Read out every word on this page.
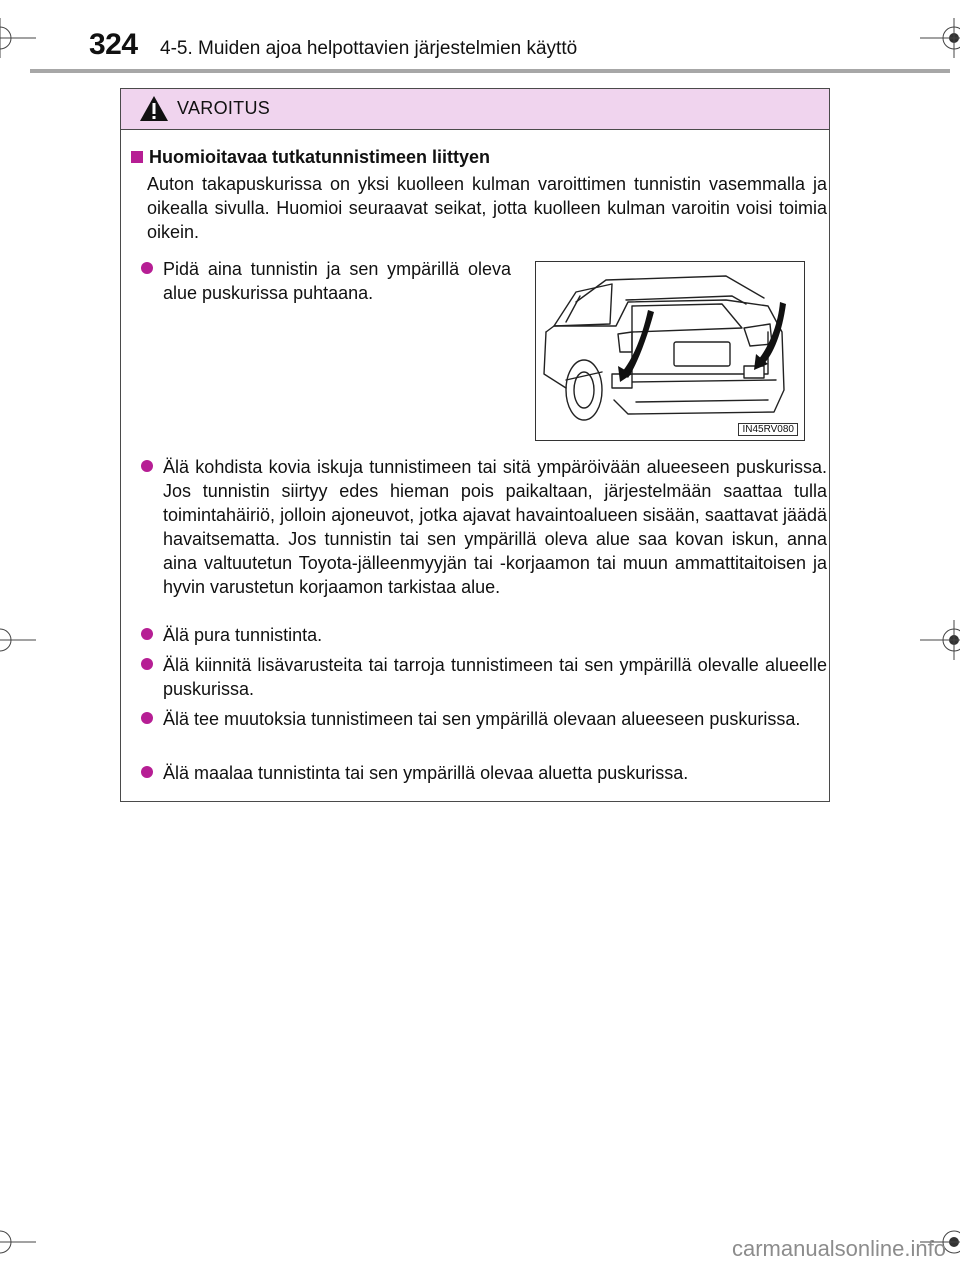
324 4-5. Muiden ajoa helpottavien järjestelmien käyttö
VAROITUS
Huomioitavaa tutkatunnistimeen liittyen
Auton takapuskurissa on yksi kuolleen kulman varoittimen tunnistin vasemmalla ja oikealla sivulla. Huomioi seuraavat seikat, jotta kuolleen kulman varoitin voisi toimia oikein.
Pidä aina tunnistin ja sen ympärillä oleva alue puskurissa puhtaana.
IN45RV080
Älä kohdista kovia iskuja tunnistimeen tai sitä ympäröivään alueeseen puskurissa. Jos tunnistin siirtyy edes hieman pois paikaltaan, järjestelmään saattaa tulla toimintahäiriö, jolloin ajoneuvot, jotka ajavat havaintoalueen sisään, saattavat jäädä havaitsematta. Jos tunnistin tai sen ympärillä oleva alue saa kovan iskun, anna aina valtuutetun Toyota-jälleenmyyjän tai -korjaamon tai muun ammattitaitoisen ja hyvin varustetun korjaamon tarkistaa alue.
Älä pura tunnistinta.
Älä kiinnitä lisävarusteita tai tarroja tunnistimeen tai sen ympärillä olevalle alueelle puskurissa.
Älä tee muutoksia tunnistimeen tai sen ympärillä olevaan alueeseen puskurissa.
Älä maalaa tunnistinta tai sen ympärillä olevaa aluetta puskurissa.
carmanualsonline.info
